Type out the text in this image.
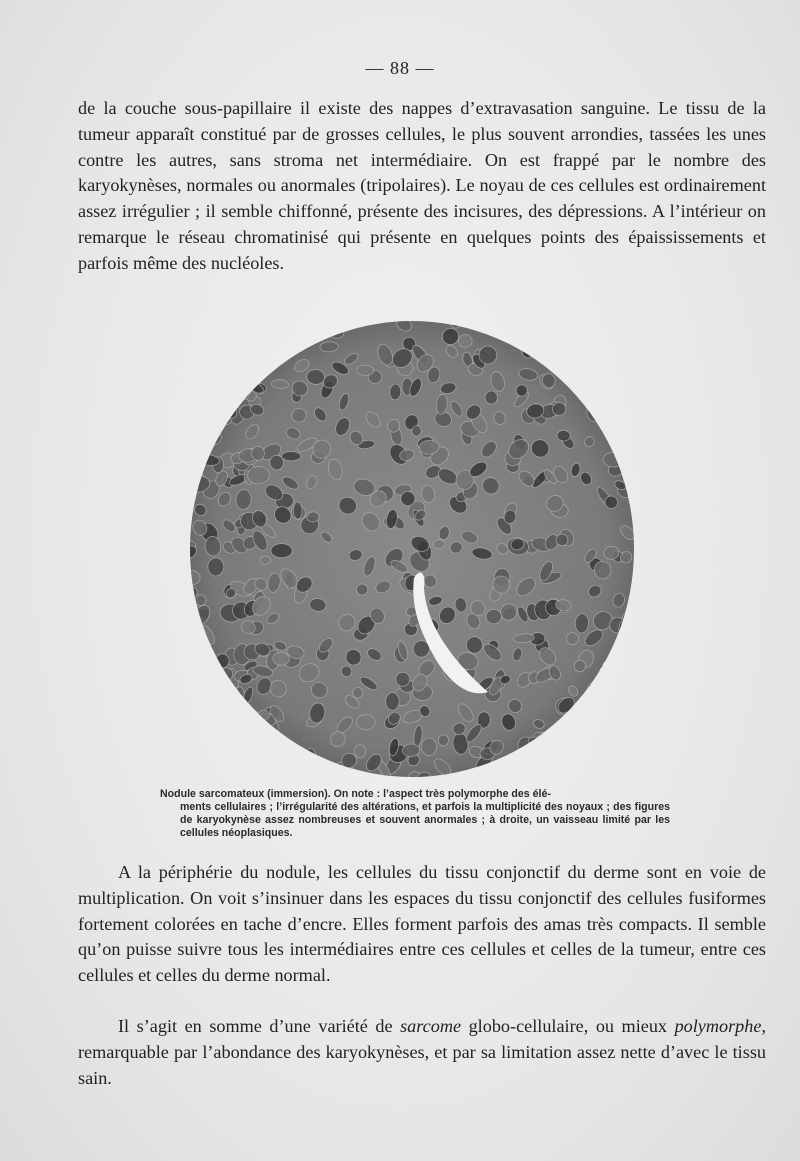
— 88 —

de la couche sous-papillaire il existe des nappes d’extravasation sanguine. Le tissu de la tumeur apparaît constitué par de grosses cellules, le plus souvent arrondies, tassées les unes contre les autres, sans stroma net intermédiaire. On est frappé par le nombre des karyokynèses, normales ou anormales (tripolaires). Le noyau de ces cellules est ordinairement assez irrégulier ; il semble chiffonné, présente des incisures, des dépressions. A l’intérieur on remarque le réseau chromatinisé qui présente en quelques points des épaississements et parfois même des nucléoles.

GB
Nodule sarcomateux (immersion). On note : l’aspect très polymorphe des élé-
ments cellulaires ; l’irrégularité des altérations, et parfois la multiplicité des noyaux ; des figures de karyokynèse assez nombreuses et souvent anormales ; à droite, un vaisseau limité par les cellules néoplasiques.

A la périphérie du nodule, les cellules du tissu conjonctif du derme sont en voie de multiplication. On voit s’insinuer dans les espaces du tissu conjonctif des cellules fusiformes fortement colorées en tache d’encre. Elles forment parfois des amas très compacts. Il semble qu’on puisse suivre tous les intermédiaires entre ces cellules et celles de la tumeur, entre ces cellules et celles du derme normal.

Il s’agit en somme d’une variété de sarcome globo-cellulaire, ou mieux polymorphe, remarquable par l’abondance des karyokynèses, et par sa limitation assez nette d’avec le tissu sain.
